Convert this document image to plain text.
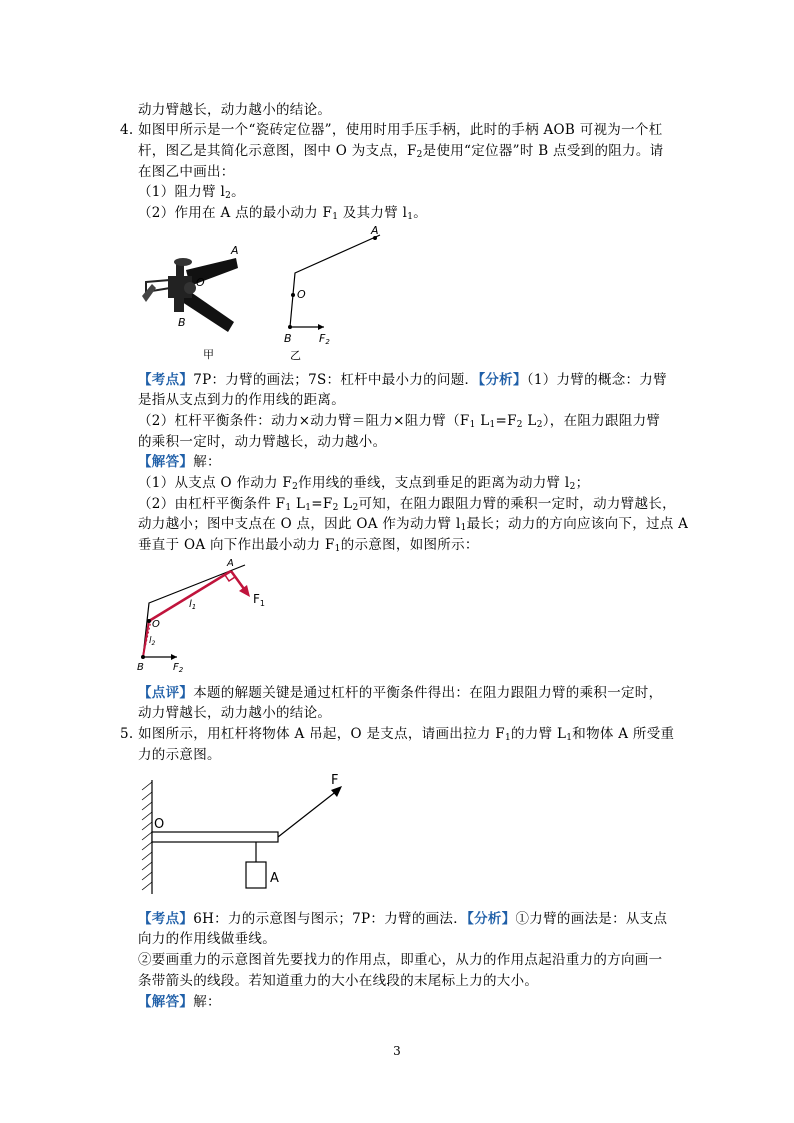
动力臂越长，动力越小的结论。
4. 如图甲所示是一个“瓷砖定位器”，使用时用手压手柄，此时的手柄 AOB 可视为一个杠
杆，图乙是其简化示意图，图中 O 为支点，$F_2$是使用“定位器”时 B 点受到的阻力。请
在图乙中画出：
（1）阻力臂 $l_2$。
（2）作用在 A 点的最小动力 $F_1$ 及其力臂 $l_1$。
A
O
B
甲
A
O
B F2
乙
【考点】7P：力臂的画法；7S：杠杆中最小力的问题．【分析】（1）力臂的概念：力臂
是指从支点到力的作用线的距离。
（2）杠杆平衡条件：动力×动力臂＝阻力×阻力臂（$F_1$ $L_1=F_2$ $L_2$），在阻力跟阻力臂
的乘积一定时，动力臂越长，动力越小。
【解答】解：
（1）从支点 O 作动力 $F_2$作用线的垂线，支点到垂足的距离为动力臂 $l_2$；
（2）由杠杆平衡条件 $F_1$ $L_1=F_2$ $L_2$可知，在阻力跟阻力臂的乘积一定时，动力臂越长，
动力越小；图中支点在 O 点，因此 OA 作为动力臂 $l_1$最长；动力的方向应该向下，过点 A
垂直于 OA 向下作出最小动力 $F_1$的示意图，如图所示：
A
O
B	$F_2$
$l_1$
$l_2$
$F_1$
【点评】本题的解题关键是通过杠杆的平衡条件得出：在阻力跟阻力臂的乘积一定时，
动力臂越长，动力越小的结论。
5. 如图所示，用杠杆将物体 A 吊起，O 是支点，请画出拉力 $F_1$的力臂 $L_1$和物体 A 所受重
力的示意图。
O
A
F
【考点】6H：力的示意图与图示；7P：力臂的画法．【分析】①力臂的画法是：从支点
向力的作用线做垂线。
②要画重力的示意图首先要找力的作用点，即重心，从力的作用点起沿重力的方向画一
条带箭头的线段。若知道重力的大小在线段的末尾标上力的大小。
【解答】解：
3
